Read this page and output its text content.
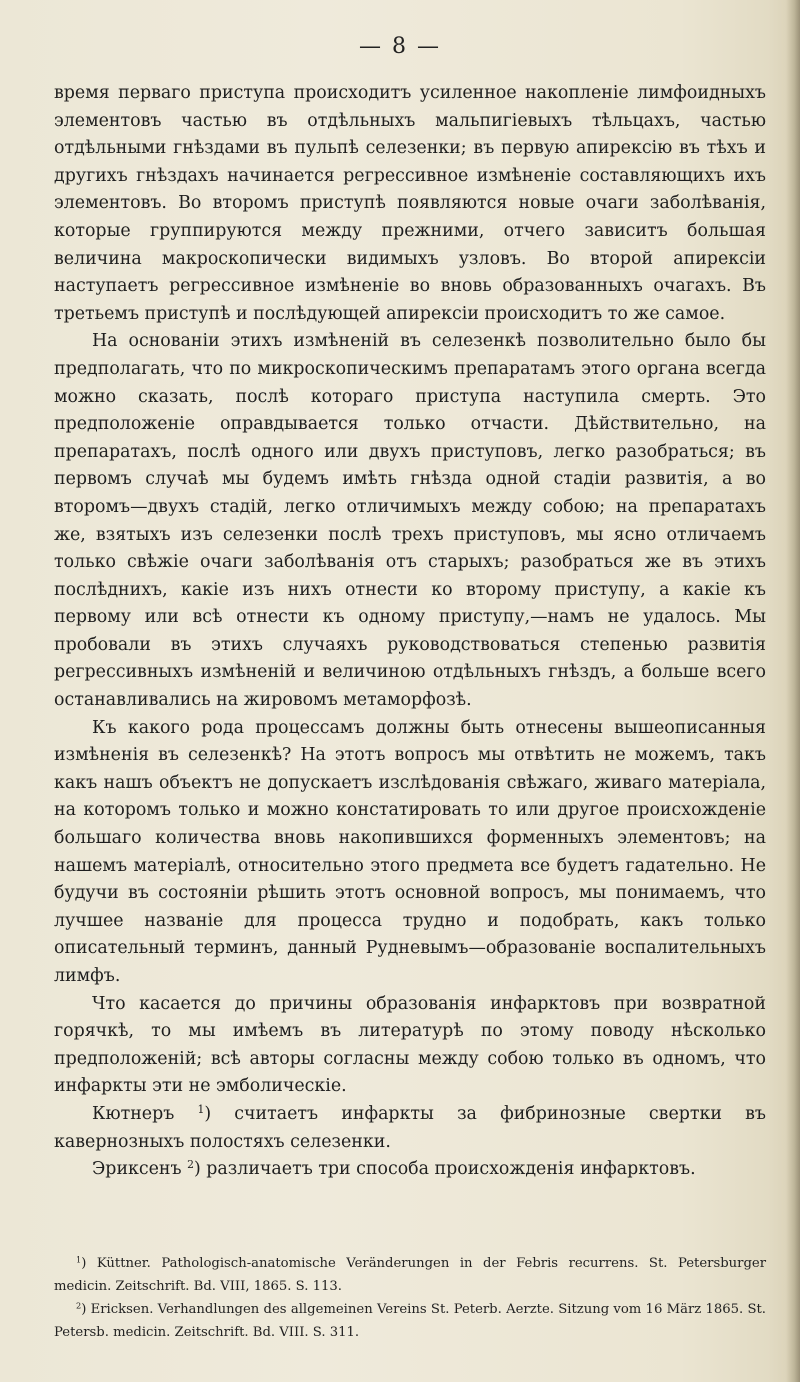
— 8 —

время перваго приступа происходитъ усиленное накопленіе лимфоидныхъ элементовъ частью въ отдѣльныхъ мальпигіевыхъ тѣльцахъ, частью отдѣльными гнѣздами въ пульпѣ селезенки; въ первую апирексію въ тѣхъ и другихъ гнѣздахъ начинается регрессивное измѣненіе составляющихъ ихъ элементовъ. Во второмъ приступѣ появляются новые очаги заболѣванія, которые группируются между прежними, отчего зависитъ большая величина макроскопически видимыхъ узловъ. Во второй апирексіи наступаетъ регрессивное измѣненіе во вновь образованныхъ очагахъ. Въ третьемъ приступѣ и послѣдующей апирексіи происходитъ то же самое.

На основаніи этихъ измѣненій въ селезенкѣ позволительно было бы предполагать, что по микроскопическимъ препаратамъ этого органа всегда можно сказать, послѣ котораго приступа наступила смерть. Это предположеніе оправдывается только отчасти. Дѣйствительно, на препаратахъ, послѣ одного или двухъ приступовъ, легко разобраться; въ первомъ случаѣ мы будемъ имѣть гнѣзда одной стадіи развитія, а во второмъ—двухъ стадій, легко отличимыхъ между собою; на препаратахъ же, взятыхъ изъ селезенки послѣ трехъ приступовъ, мы ясно отличаемъ только свѣжіе очаги заболѣванія отъ старыхъ; разобраться же въ этихъ послѣднихъ, какіе изъ нихъ отнести ко второму приступу, а какіе къ первому или всѣ отнести къ одному приступу,—намъ не удалось. Мы пробовали въ этихъ случаяхъ руководствоваться степенью развитія регрессивныхъ измѣненій и величиною отдѣльныхъ гнѣздъ, а больше всего останавливались на жировомъ метаморфозѣ.

Къ какого рода процессамъ должны быть отнесены вышеописанныя измѣненія въ селезенкѣ? На этотъ вопросъ мы отвѣтить не можемъ, такъ какъ нашъ объектъ не допускаетъ изслѣдованія свѣжаго, живаго матеріала, на которомъ только и можно констатировать то или другое происхожденіе большаго количества вновь накопившихся форменныхъ элементовъ; на нашемъ матеріалѣ, относительно этого предмета все будетъ гадательно. Не будучи въ состояніи рѣшить этотъ основной вопросъ, мы понимаемъ, что лучшее названіе для процесса трудно и подобрать, какъ только описательный терминъ, данный Рудневымъ—образованіе воспалительныхъ лимфъ.

Что касается до причины образованія инфарктовъ при возвратной горячкѣ, то мы имѣемъ въ литературѣ по этому поводу нѣсколько предположеній; всѣ авторы согласны между собою только въ одномъ, что инфаркты эти не эмболическіе.

Кютнеръ $^1$) считаетъ инфаркты за фибринозные свертки въ кавернозныхъ полостяхъ селезенки.

Эриксенъ $^2$) различаетъ три способа происхожденія инфарктовъ.

$^1$) Küttner. Pathologisch-anatomische Veränderungen in der Febris recurrens. St. Petersburger medicin. Zeitschrift. Bd. VIII, 1865. S. 113.

$^2$) Ericksen. Verhandlungen des allgemeinen Vereins St. Peterb. Aerzte. Sitzung vom 16 März 1865. St. Petersb. medicin. Zeitschrift. Bd. VIII. S. 311.
